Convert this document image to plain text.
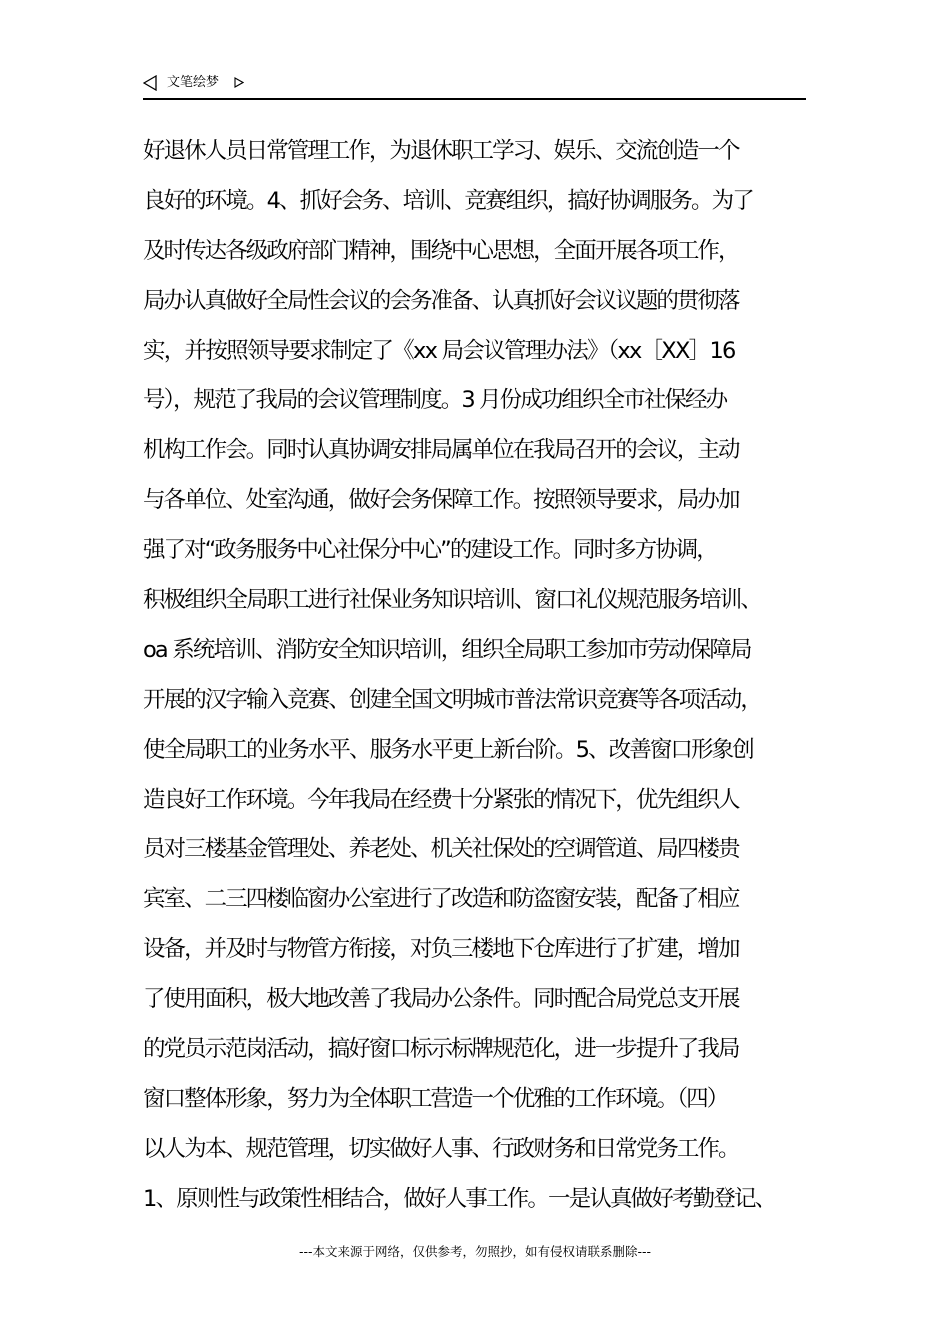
文笔绘梦
好退休人员日常管理工作，为退休职工学习、娱乐、交流创造一个
良好的环境。4、抓好会务、培训、竞赛组织，搞好协调服务。为了
及时传达各级政府部门精神，围绕中心思想，全面开展各项工作，
局办认真做好全局性会议的会务准备、认真抓好会议议题的贯彻落
实，并按照领导要求制定了《xx 局会议管理办法》（xx［XX］16
号），规范了我局的会议管理制度。3 月份成功组织全市社保经办
机构工作会。同时认真协调安排局属单位在我局召开的会议，主动
与各单位、处室沟通，做好会务保障工作。按照领导要求，局办加
强了对“政务服务中心社保分中心”的建设工作。同时多方协调，
积极组织全局职工进行社保业务知识培训、窗口礼仪规范服务培训、
oa 系统培训、消防安全知识培训，组织全局职工参加市劳动保障局
开展的汉字输入竞赛、创建全国文明城市普法常识竞赛等各项活动，
使全局职工的业务水平、服务水平更上新台阶。5、改善窗口形象创
造良好工作环境。今年我局在经费十分紧张的情况下，优先组织人
员对三楼基金管理处、养老处、机关社保处的空调管道、局四楼贵
宾室、二三四楼临窗办公室进行了改造和防盗窗安装，配备了相应
设备，并及时与物管方衔接，对负三楼地下仓库进行了扩建，增加
了使用面积，极大地改善了我局办公条件。同时配合局党总支开展
的党员示范岗活动，搞好窗口标示标牌规范化，进一步提升了我局
窗口整体形象，努力为全体职工营造一个优雅的工作环境。（四）
以人为本、规范管理，切实做好人事、行政财务和日常党务工作。
1、原则性与政策性相结合，做好人事工作。一是认真做好考勤登记、
---本文来源于网络，仅供参考，勿照抄，如有侵权请联系删除---
